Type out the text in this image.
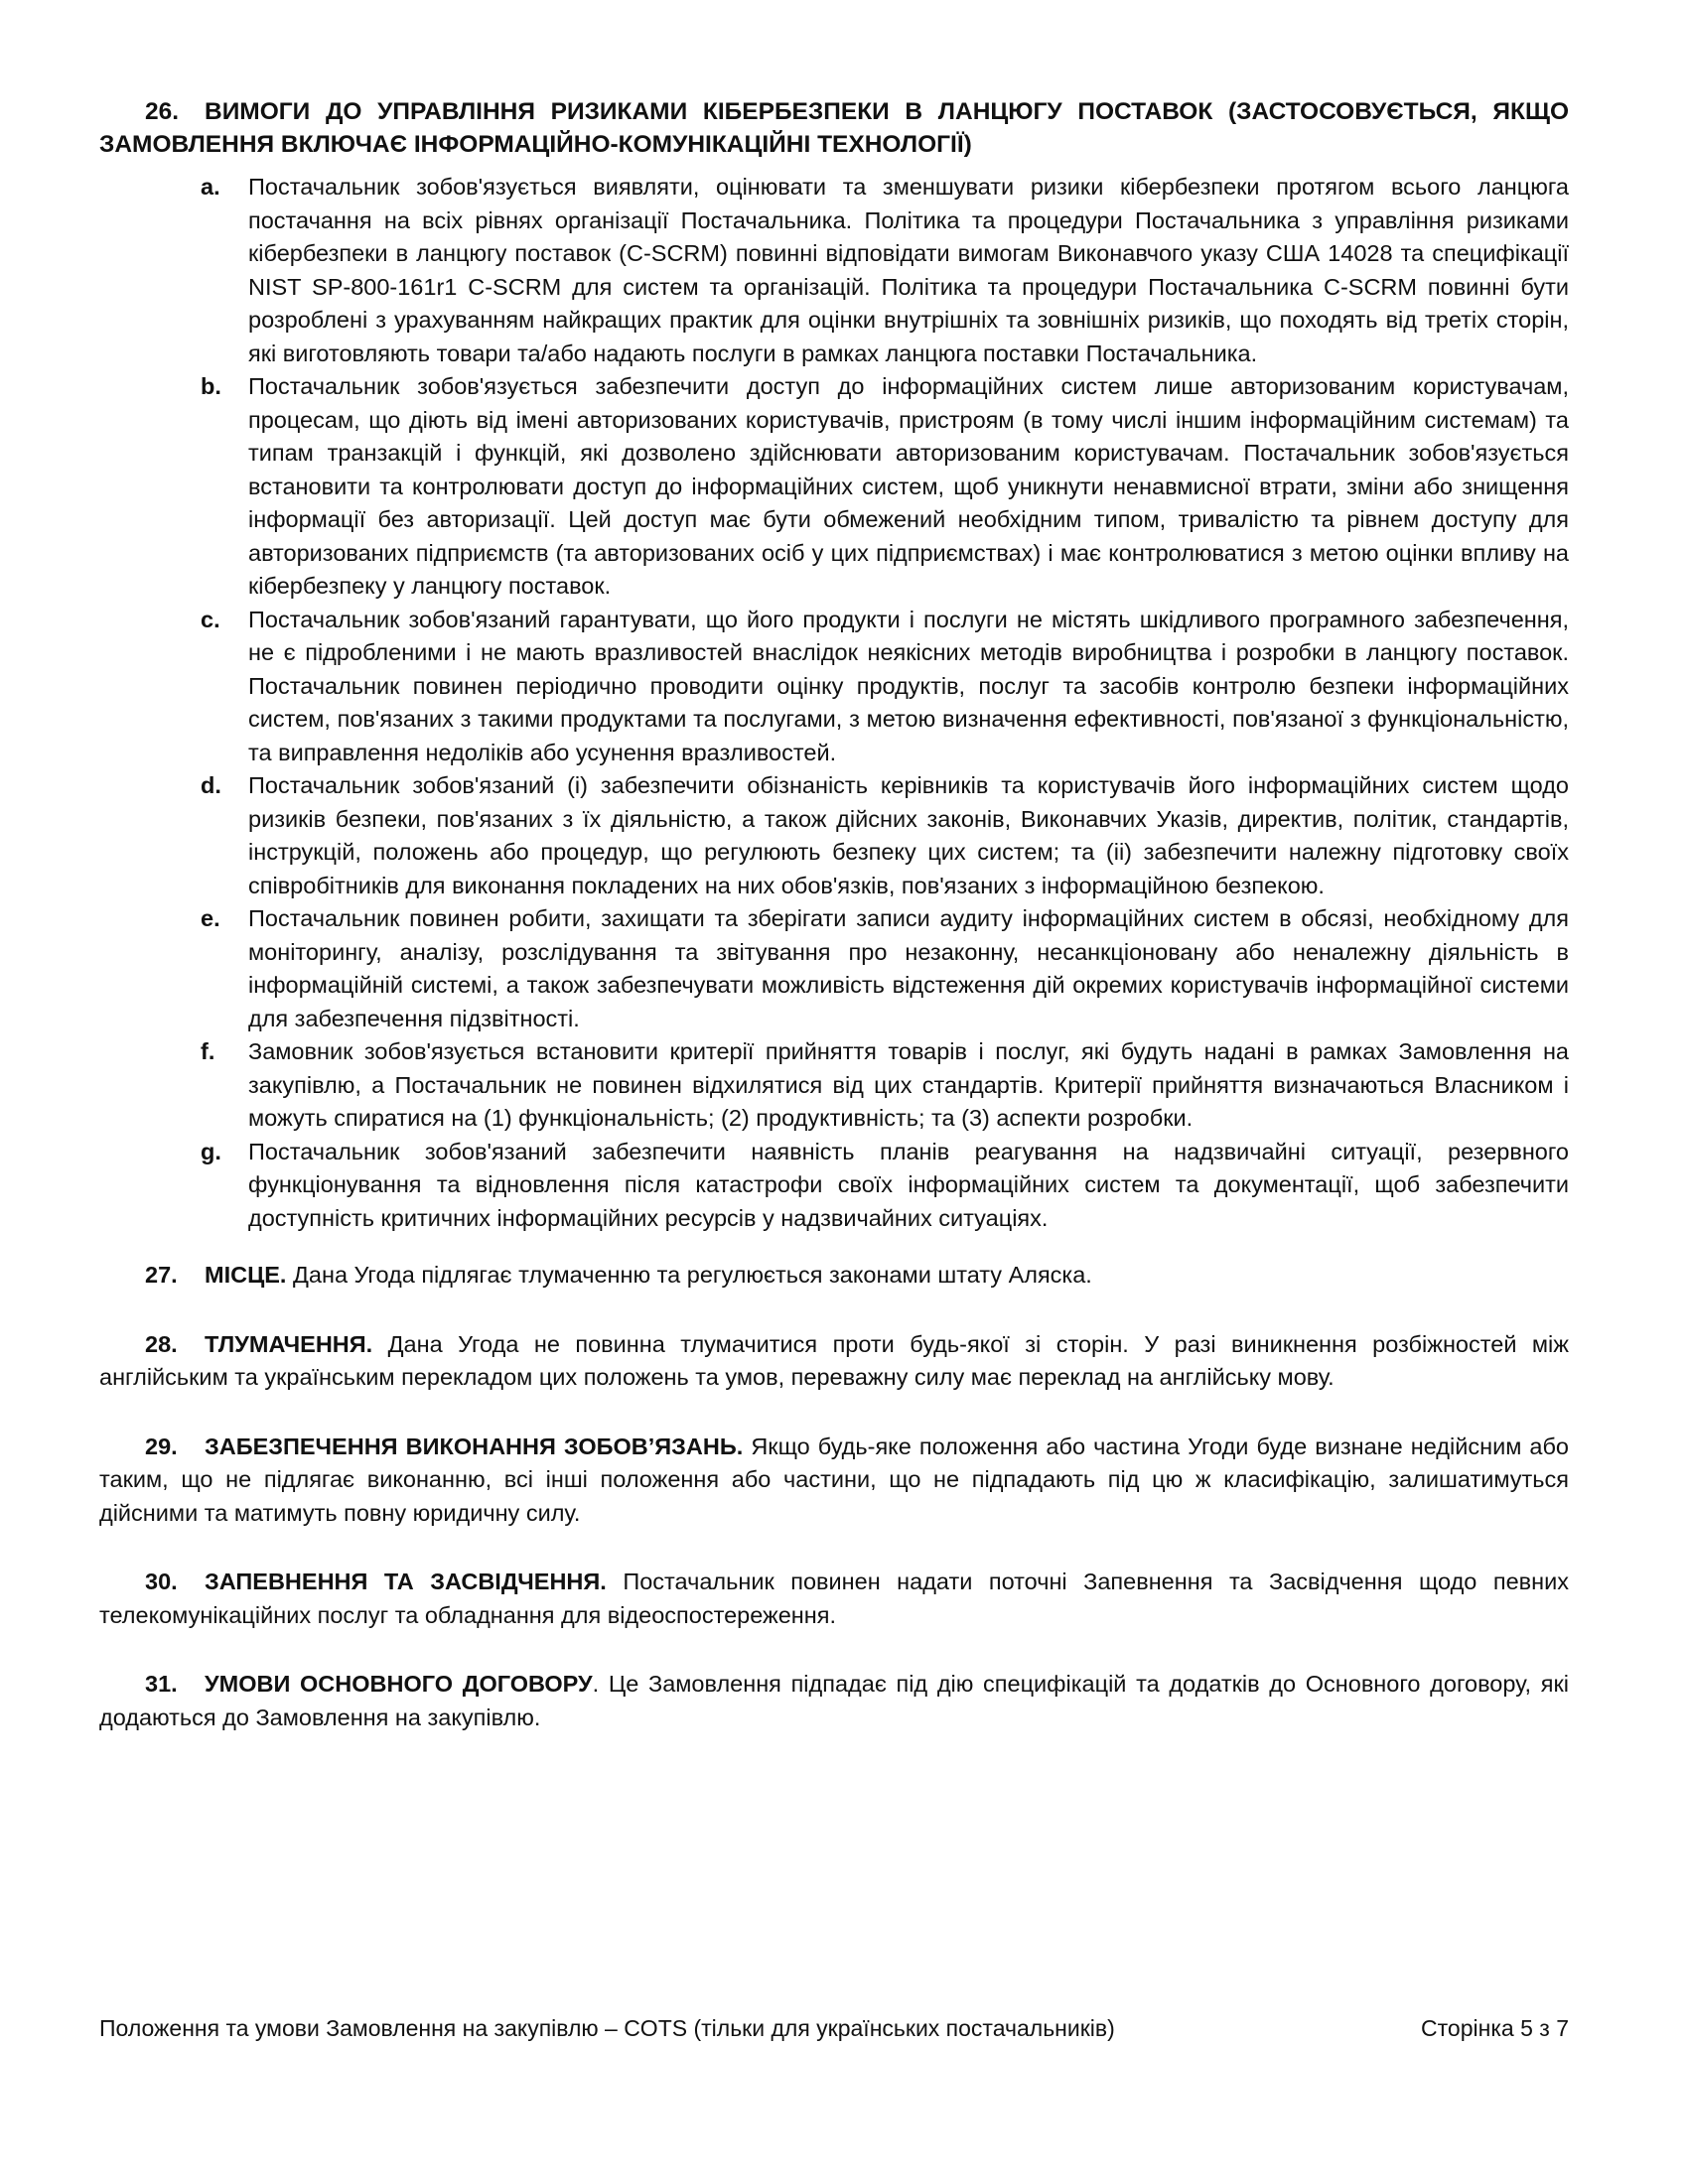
26. ВИМОГИ ДО УПРАВЛІННЯ РИЗИКАМИ КІБЕРБЕЗПЕКИ В ЛАНЦЮГУ ПОСТАВОК (ЗАСТОСОВУЄТЬСЯ, ЯКЩО ЗАМОВЛЕННЯ ВКЛЮЧАЄ ІНФОРМАЦІЙНО-КОМУНІКАЦІЙНІ ТЕХНОЛОГІЇ)
a. Постачальник зобов'язується виявляти, оцінювати та зменшувати ризики кібербезпеки протягом всього ланцюга постачання на всіх рівнях організації Постачальника. Політика та процедури Постачальника з управління ризиками кібербезпеки в ланцюгу поставок (C-SCRM) повинні відповідати вимогам Виконавчого указу США 14028 та специфікації NIST SP-800-161r1 C-SCRM для систем та організацій. Політика та процедури Постачальника C-SCRM повинні бути розроблені з урахуванням найкращих практик для оцінки внутрішніх та зовнішніх ризиків, що походять від третіх сторін, які виготовляють товари та/або надають послуги в рамках ланцюга поставки Постачальника.
b. Постачальник зобов'язується забезпечити доступ до інформаційних систем лише авторизованим користувачам, процесам, що діють від імені авторизованих користувачів, пристроям (в тому числі іншим інформаційним системам) та типам транзакцій і функцій, які дозволено здійснювати авторизованим користувачам. Постачальник зобов'язується встановити та контролювати доступ до інформаційних систем, щоб уникнути ненавмисної втрати, зміни або знищення інформації без авторизації. Цей доступ має бути обмежений необхідним типом, тривалістю та рівнем доступу для авторизованих підприємств (та авторизованих осіб у цих підприємствах) і має контролюватися з метою оцінки впливу на кібербезпеку у ланцюгу поставок.
c. Постачальник зобов'язаний гарантувати, що його продукти і послуги не містять шкідливого програмного забезпечення, не є підробленими і не мають вразливостей внаслідок неякісних методів виробництва і розробки в ланцюгу поставок. Постачальник повинен періодично проводити оцінку продуктів, послуг та засобів контролю безпеки інформаційних систем, пов'язаних з такими продуктами та послугами, з метою визначення ефективності, пов'язаної з функціональністю, та виправлення недоліків або усунення вразливостей.
d. Постачальник зобов'язаний (i) забезпечити обізнаність керівників та користувачів його інформаційних систем щодо ризиків безпеки, пов'язаних з їх діяльністю, а також дійсних законів, Виконавчих Указів, директив, політик, стандартів, інструкцій, положень або процедур, що регулюють безпеку цих систем; та (ii) забезпечити належну підготовку своїх співробітників для виконання покладених на них обов'язків, пов'язаних з інформаційною безпекою.
e. Постачальник повинен робити, захищати та зберігати записи аудиту інформаційних систем в обсязі, необхідному для моніторингу, аналізу, розслідування та звітування про незаконну, несанкціоновану або неналежну діяльність в інформаційній системі, а також забезпечувати можливість відстеження дій окремих користувачів інформаційної системи для забезпечення підзвітності.
f. Замовник зобов'язується встановити критерії прийняття товарів і послуг, які будуть надані в рамках Замовлення на закупівлю, а Постачальник не повинен відхилятися від цих стандартів. Критерії прийняття визначаються Власником і можуть спиратися на (1) функціональність; (2) продуктивність; та (3) аспекти розробки.
g. Постачальник зобов'язаний забезпечити наявність планів реагування на надзвичайні ситуації, резервного функціонування та відновлення після катастрофи своїх інформаційних систем та документації, щоб забезпечити доступність критичних інформаційних ресурсів у надзвичайних ситуаціях.

27. МІСЦЕ. Дана Угода підлягає тлумаченню та регулюється законами штату Аляска.

28. ТЛУМАЧЕННЯ. Дана Угода не повинна тлумачитися проти будь-якої зі сторін. У разі виникнення розбіжностей між англійським та українським перекладом цих положень та умов, переважну силу має переклад на англійську мову.

29. ЗАБЕЗПЕЧЕННЯ ВИКОНАННЯ ЗОБОВ’ЯЗАНЬ. Якщо будь-яке положення або частина Угоди буде визнане недійсним або таким, що не підлягає виконанню, всі інші положення або частини, що не підпадають під цю ж класифікацію, залишатимуться дійсними та матимуть повну юридичну силу.

30. ЗАПЕВНЕННЯ ТА ЗАСВІДЧЕННЯ. Постачальник повинен надати поточні Запевнення та Засвідчення щодо певних телекомунікаційних послуг та обладнання для відеоспостереження.

31. УМОВИ ОСНОВНОГО ДОГОВОРУ. Це Замовлення підпадає під дію специфікацій та додатків до Основного договору, які додаються до Замовлення на закупівлю.

Положення та умови Замовлення на закупівлю – COTS (тільки для українських постачальників)	Сторінка 5 з 7
